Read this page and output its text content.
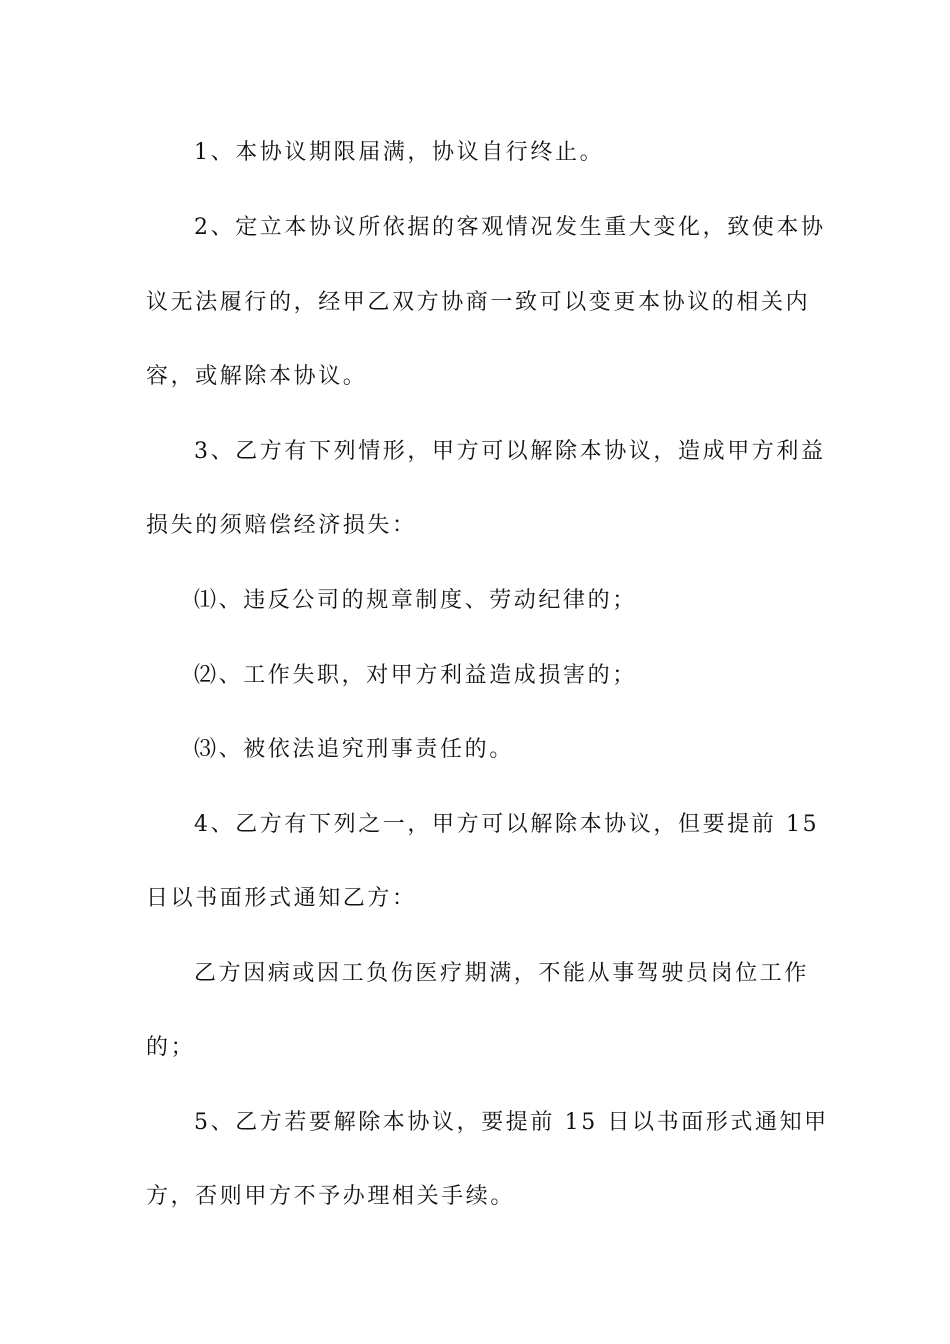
1、本协议期限届满，协议自行终止。
2、定立本协议所依据的客观情况发生重大变化，致使本协
议无法履行的，经甲乙双方协商一致可以变更本协议的相关内
容，或解除本协议。
3、乙方有下列情形，甲方可以解除本协议，造成甲方利益
损失的须赔偿经济损失：
⑴、违反公司的规章制度、劳动纪律的；
⑵、工作失职，对甲方利益造成损害的；
⑶、被依法追究刑事责任的。
4、乙方有下列之一，甲方可以解除本协议，但要提前 15
日以书面形式通知乙方：
乙方因病或因工负伤医疗期满，不能从事驾驶员岗位工作
的；
5、乙方若要解除本协议，要提前 15 日以书面形式通知甲
方，否则甲方不予办理相关手续。
